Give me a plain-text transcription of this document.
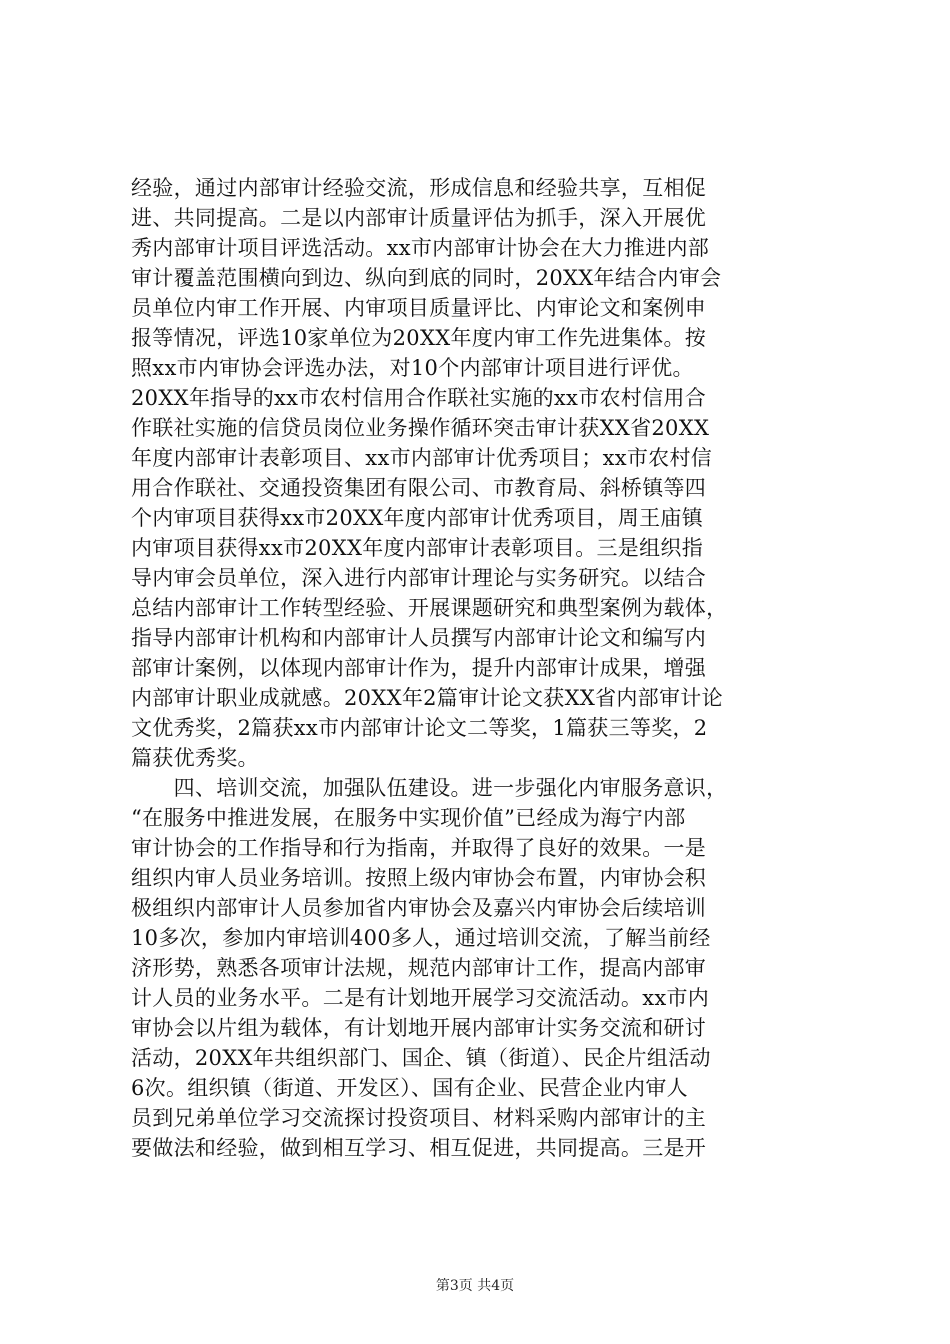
经验，通过内部审计经验交流，形成信息和经验共享，互相促
进、共同提高。二是以内部审计质量评估为抓手，深入开展优
秀内部审计项目评选活动。xx市内部审计协会在大力推进内部
审计覆盖范围横向到边、纵向到底的同时，20XX年结合内审会
员单位内审工作开展、内审项目质量评比、内审论文和案例申
报等情况，评选10家单位为20XX年度内审工作先进集体。按
照xx市内审协会评选办法，对10个内部审计项目进行评优。
20XX年指导的xx市农村信用合作联社实施的xx市农村信用合
作联社实施的信贷员岗位业务操作循环突击审计获XX省20XX
年度内部审计表彰项目、xx市内部审计优秀项目；xx市农村信
用合作联社、交通投资集团有限公司、市教育局、斜桥镇等四
个内审项目获得xx市20XX年度内部审计优秀项目，周王庙镇
内审项目获得xx市20XX年度内部审计表彰项目。三是组织指
导内审会员单位，深入进行内部审计理论与实务研究。以结合
总结内部审计工作转型经验、开展课题研究和典型案例为载体，
指导内部审计机构和内部审计人员撰写内部审计论文和编写内
部审计案例，以体现内部审计作为，提升内部审计成果，增强
内部审计职业成就感。20XX年2篇审计论文获XX省内部审计论
文优秀奖，2篇获xx市内部审计论文二等奖，1篇获三等奖，2
篇获优秀奖。
　　四、培训交流，加强队伍建设。进一步强化内审服务意识，
“在服务中推进发展，在服务中实现价值”已经成为海宁内部
审计协会的工作指导和行为指南，并取得了良好的效果。一是
组织内审人员业务培训。按照上级内审协会布置，内审协会积
极组织内部审计人员参加省内审协会及嘉兴内审协会后续培训
10多次，参加内审培训400多人，通过培训交流，了解当前经
济形势，熟悉各项审计法规，规范内部审计工作，提高内部审
计人员的业务水平。二是有计划地开展学习交流活动。xx市内
审协会以片组为载体，有计划地开展内部审计实务交流和研讨
活动，20XX年共组织部门、国企、镇（街道）、民企片组活动
6次。组织镇（街道、开发区）、国有企业、民营企业内审人
员到兄弟单位学习交流探讨投资项目、材料采购内部审计的主
要做法和经验，做到相互学习、相互促进，共同提高。三是开
第3页 共4页
